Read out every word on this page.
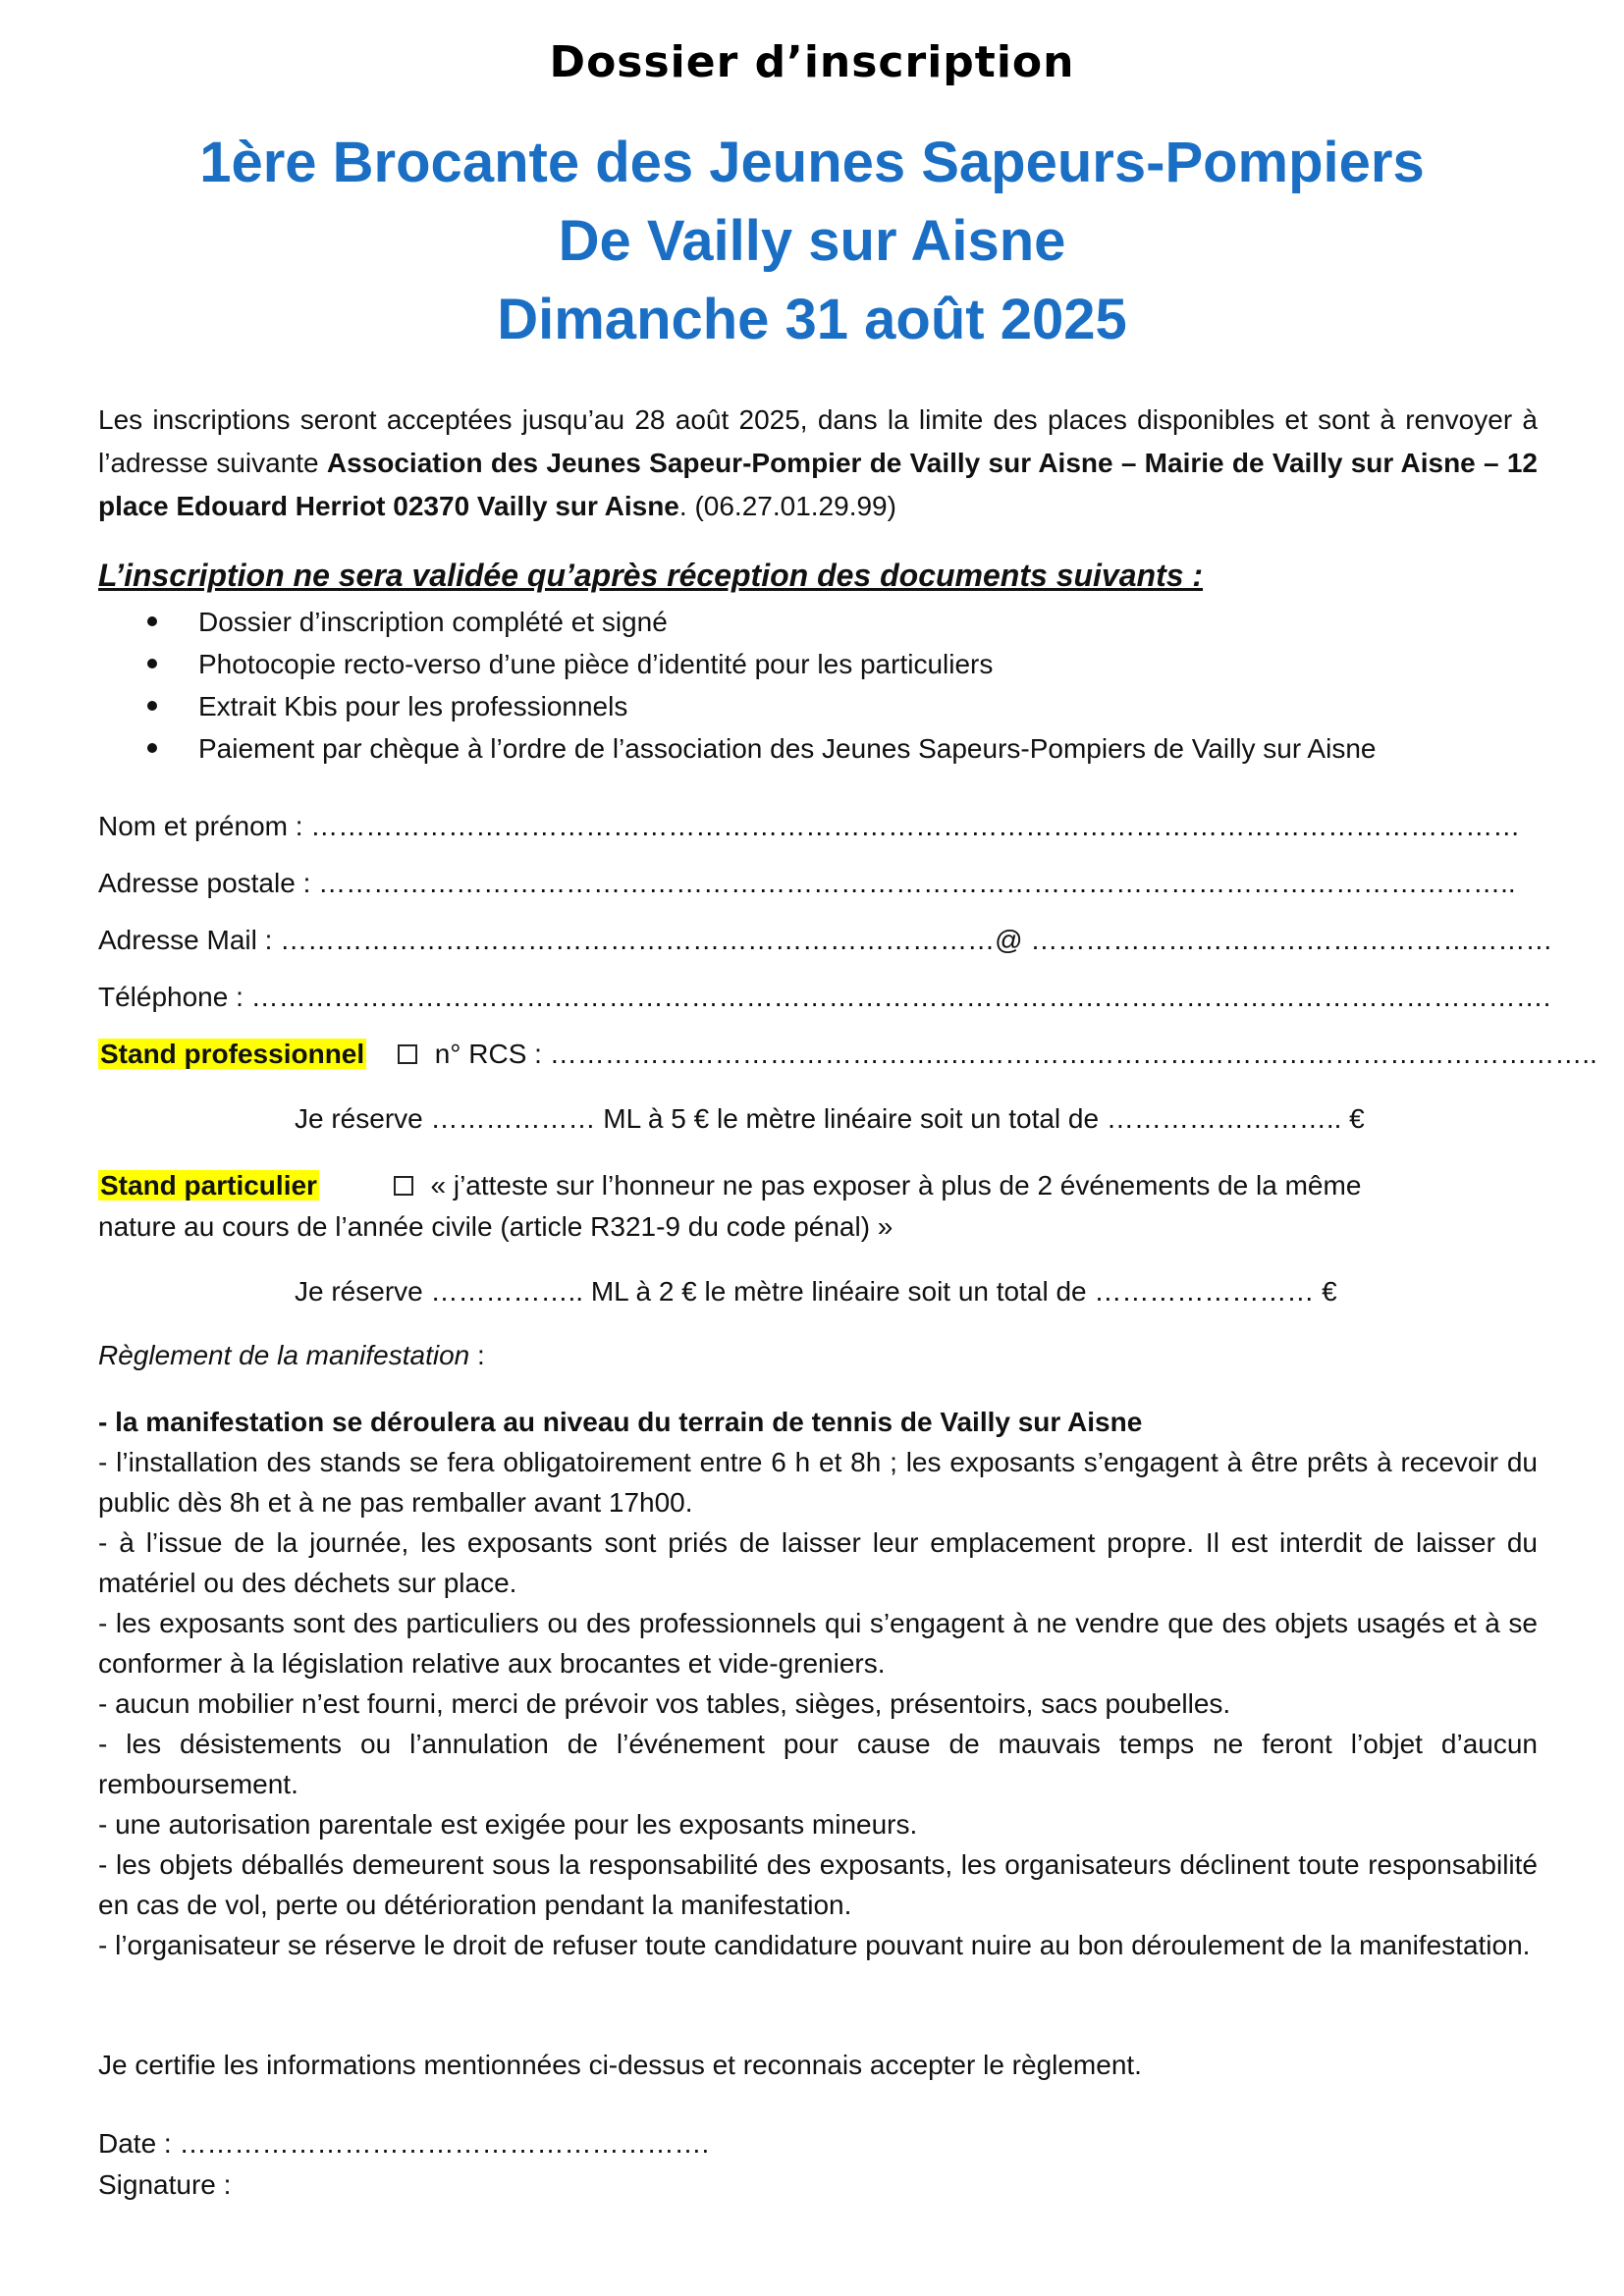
Dossier d’inscription
1ère Brocante des Jeunes Sapeurs-Pompiers
De Vailly sur Aisne
Dimanche 31 août 2025
Les inscriptions seront acceptées jusqu’au 28 août 2025, dans la limite des places disponibles et sont à renvoyer à l’adresse suivante Association des Jeunes Sapeur-Pompier de Vailly sur Aisne – Mairie de Vailly sur Aisne – 12 place Edouard Herriot 02370 Vailly sur Aisne. (06.27.01.29.99)
L’inscription ne sera validée qu’après réception des documents suivants :
Dossier d’inscription complété et signé
Photocopie recto-verso d’une pièce d’identité pour les particuliers
Extrait Kbis pour les professionnels
Paiement par chèque à l’ordre de l’association des Jeunes Sapeurs-Pompiers de Vailly sur Aisne
Nom et prénom : ……………………………………………………………………………………………………………………
Adresse postale : …………………………………………………………………………………………………………………..
Adresse Mail : ……………………………………………………………………@ …………………………………………………
Téléphone : …………………………………………………………………………………………………………………………….
Stand professionnel	n° RCS : ……………………………………..……………………………………………………………..
Je réserve ……………… ML à 5 € le mètre linéaire soit un total de …………………….. €
Stand particulier	« j’atteste sur l’honneur ne pas exposer à plus de 2 événements de la même
nature au cours de l’année civile (article R321-9 du code pénal) »
Je réserve …………….. ML à 2 € le mètre linéaire soit un total de …………………… €
Règlement de la manifestation :
- la manifestation se déroulera au niveau du terrain de tennis de Vailly sur Aisne
- l’installation des stands se fera obligatoirement entre 6 h et 8h ; les exposants s’engagent à être prêts à recevoir du public dès 8h et à ne pas remballer avant 17h00.
- à l’issue de la journée, les exposants sont priés de laisser leur emplacement propre. Il est interdit de laisser du matériel ou des déchets sur place.
- les exposants sont des particuliers ou des professionnels qui s’engagent à ne vendre que des objets usagés et à se conformer à la législation relative aux brocantes et vide-greniers.
- aucun mobilier n’est fourni, merci de prévoir vos tables, sièges, présentoirs, sacs poubelles.
- les désistements ou l’annulation de l’événement pour cause de mauvais temps ne feront l’objet d’aucun remboursement.
- une autorisation parentale est exigée pour les exposants mineurs.
- les objets déballés demeurent sous la responsabilité des exposants, les organisateurs déclinent toute responsabilité en cas de vol, perte ou détérioration pendant la manifestation.
- l’organisateur se réserve le droit de refuser toute candidature pouvant nuire au bon déroulement de la manifestation.
Je certifie les informations mentionnées ci-dessus et reconnais accepter le règlement.
Date : ………………………………………………….
Signature :
